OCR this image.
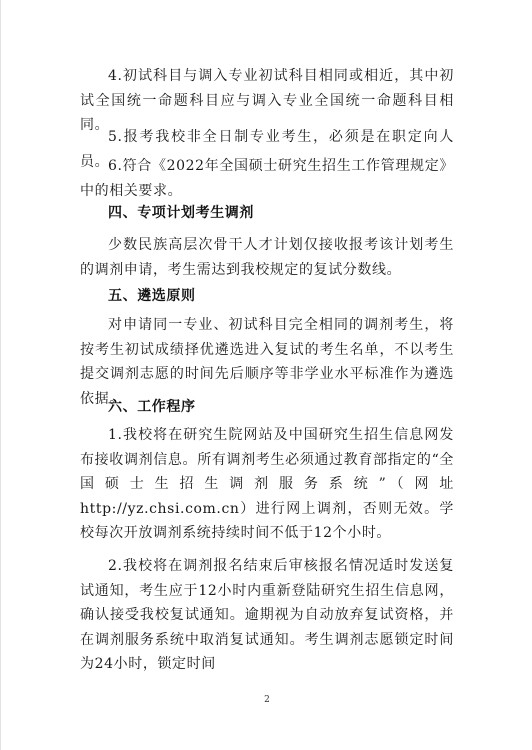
4.初试科目与调入专业初试科目相同或相近，其中初试全国统一命题科目应与调入专业全国统一命题科目相同。

5.报考我校非全日制专业考生，必须是在职定向人员。

6.符合《2022年全国硕士研究生招生工作管理规定》中的相关要求。

四、专项计划考生调剂

少数民族高层次骨干人才计划仅接收报考该计划考生的调剂申请，考生需达到我校规定的复试分数线。

五、遴选原则

对申请同一专业、初试科目完全相同的调剂考生，将按考生初试成绩择优遴选进入复试的考生名单，不以考生提交调剂志愿的时间先后顺序等非学业水平标准作为遴选依据。

六、工作程序

1.我校将在研究生院网站及中国研究生招生信息网发布接收调剂信息。所有调剂考生必须通过教育部指定的“全国硕士生招生调剂服务系统”（网址http://yz.chsi.com.cn）进行网上调剂，否则无效。学校每次开放调剂系统持续时间不低于12个小时。

2.我校将在调剂报名结束后审核报名情况适时发送复试通知，考生应于12小时内重新登陆研究生招生信息网，确认接受我校复试通知。逾期视为自动放弃复试资格，并在调剂服务系统中取消复试通知。考生调剂志愿锁定时间为24小时，锁定时间

2
